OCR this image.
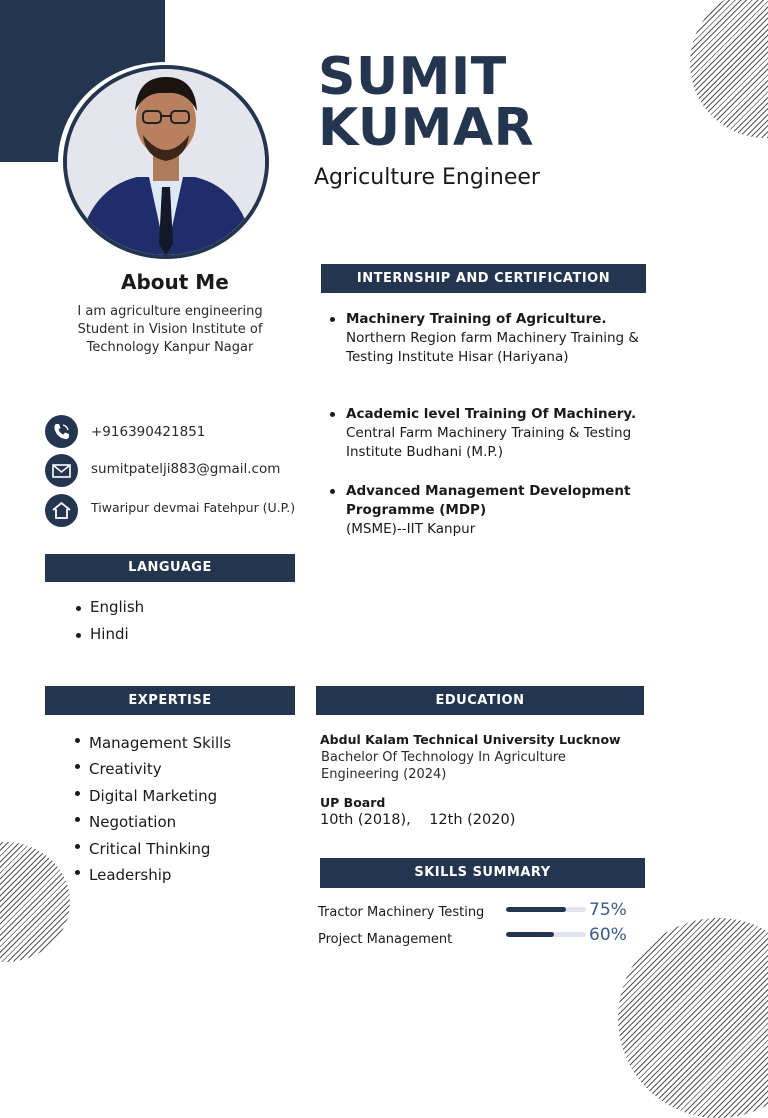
SUMIT
KUMAR
Agriculture Engineer
About Me
I am agriculture engineering Student in Vision Institute of Technology Kanpur Nagar
+916390421851
sumitpatelji883@gmail.com
Tiwaripur devmai Fatehpur (U.P.)
LANGUAGE
English
Hindi
EXPERTISE
Management Skills
Creativity
Digital Marketing
Negotiation
Critical Thinking
Leadership
INTERNSHIP AND CERTIFICATION
Machinery Training of Agriculture.
Northern Region farm Machinery Training & Testing Institute Hisar (Hariyana)
Academic level Training Of Machinery.
Central Farm Machinery Training & Testing Institute Budhani (M.P.)
Advanced Management Development Programme (MDP)
(MSME)--IIT Kanpur
EDUCATION
Abdul Kalam Technical University Lucknow
Bachelor Of Technology In Agriculture Engineering (2024)
UP Board
10th (2018),    12th (2020)
SKILLS SUMMARY
Tractor Machinery Testing	75%
Project Management	60%
